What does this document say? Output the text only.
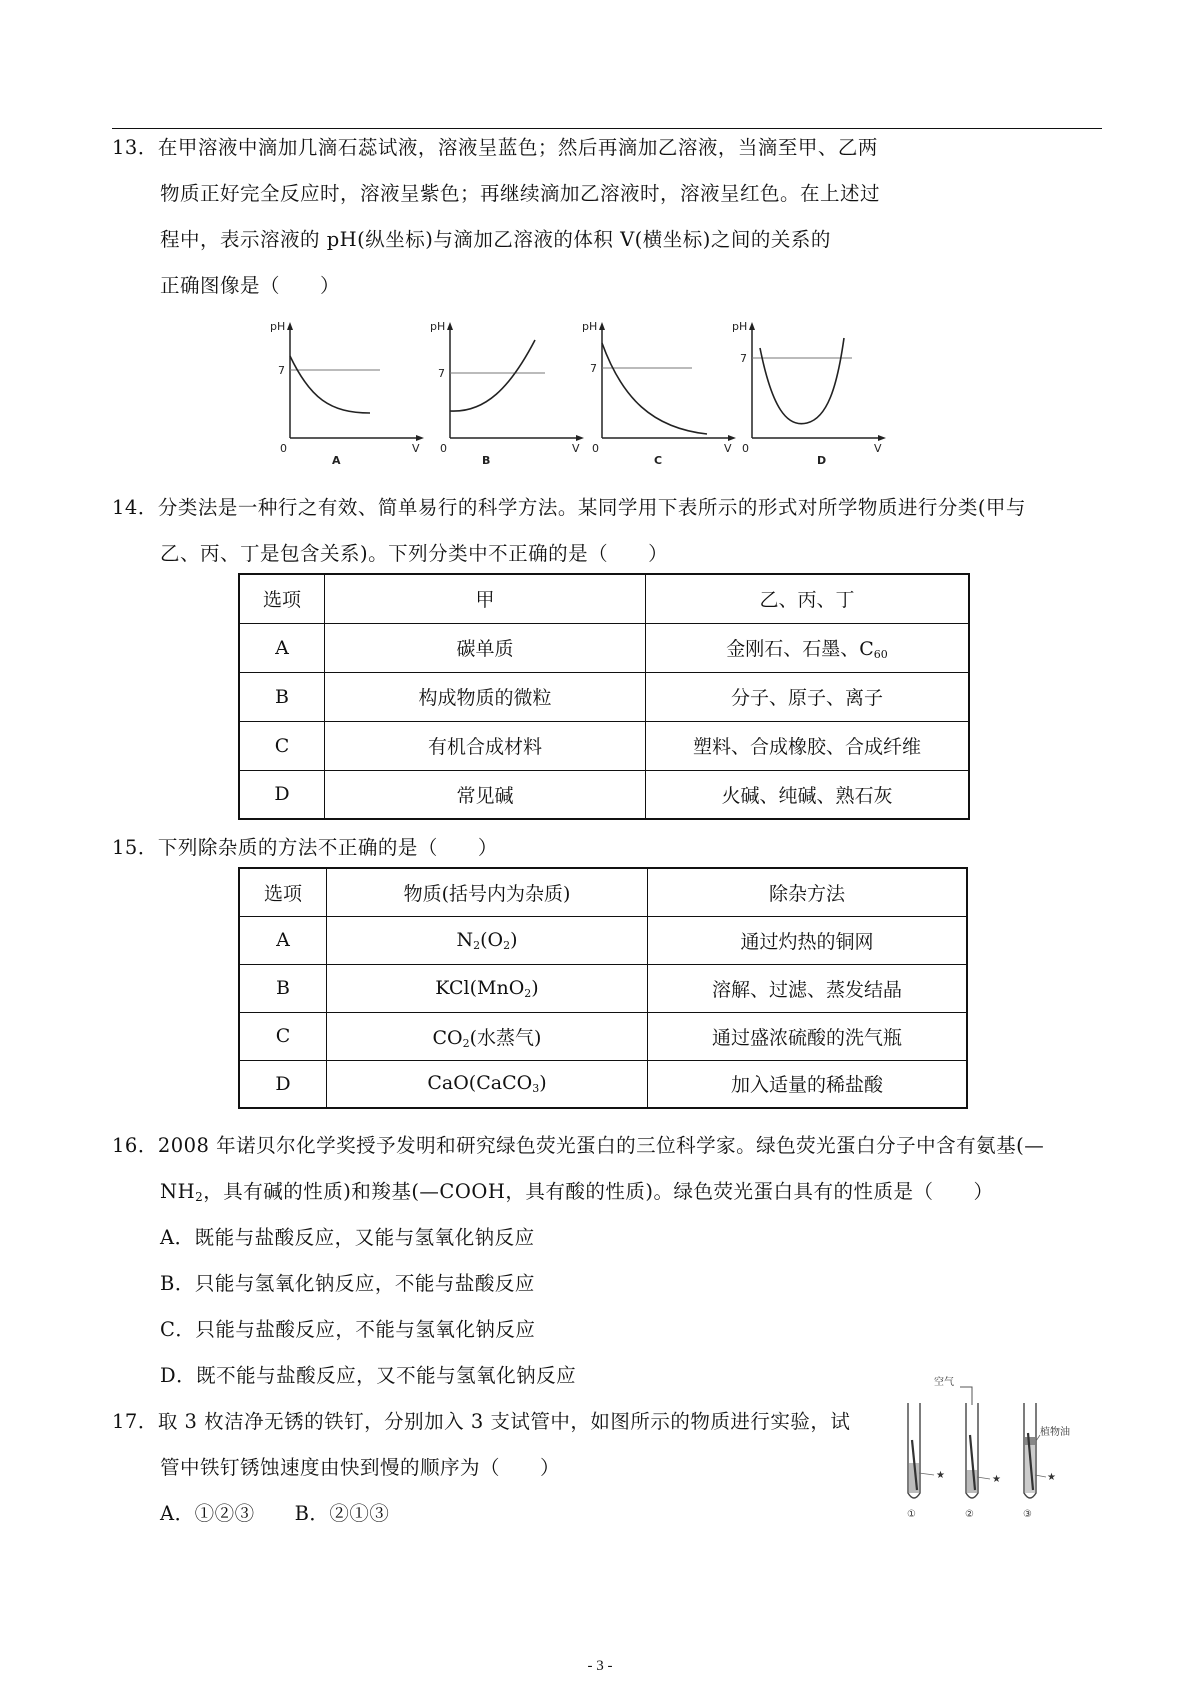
13．在甲溶液中滴加几滴石蕊试液，溶液呈蓝色；然后再滴加乙溶液，当滴至甲、乙两
物质正好完全反应时，溶液呈紫色；再继续滴加乙溶液时，溶液呈红色。在上述过
程中，表示溶液的 pH(纵坐标)与滴加乙溶液的体积 V(横坐标)之间的关系的
正确图像是（　　）
pH
7
0	V
A
pH
7
0	V
B
pH
7
0	V
C
pH
7
0	V
D
14．分类法是一种行之有效、简单易行的科学方法。某同学用下表所示的形式对所学物质进行分类(甲与
乙、丙、丁是包含关系)。下列分类中不正确的是（　　）
选项	甲	乙、丙、丁
A	碳单质	金刚石、石墨、$C_{60}$
B	构成物质的微粒	分子、原子、离子
C	有机合成材料	塑料、合成橡胶、合成纤维
D	常见碱	火碱、纯碱、熟石灰
15．下列除杂质的方法不正确的是（　　）
选项	物质(括号内为杂质)	除杂方法
A	$N_2(O_2)$	通过灼热的铜网
B	KCl(MnO$_2$)	溶解、过滤、蒸发结晶
C	$CO_2$(水蒸气)	通过盛浓硫酸的洗气瓶
D	CaO(CaCO$_3$)	加入适量的稀盐酸
16．2008 年诺贝尔化学奖授予发明和研究绿色荧光蛋白的三位科学家。绿色荧光蛋白分子中含有氨基(—
$NH_2$，具有碱的性质)和羧基(—COOH，具有酸的性质)。绿色荧光蛋白具有的性质是（　　）
A．既能与盐酸反应，又能与氢氧化钠反应
B．只能与氢氧化钠反应，不能与盐酸反应
C．只能与盐酸反应，不能与氢氧化钠反应
D．既不能与盐酸反应，又不能与氢氧化钠反应
17．取 3 枚洁净无锈的铁钉，分别加入 3 支试管中，如图所示的物质进行实验，试
管中铁钉锈蚀速度由快到慢的顺序为（　　）
A．①②③　　B．②①③
★
①
空气
★
②
植物油
★
③
- 3 -
